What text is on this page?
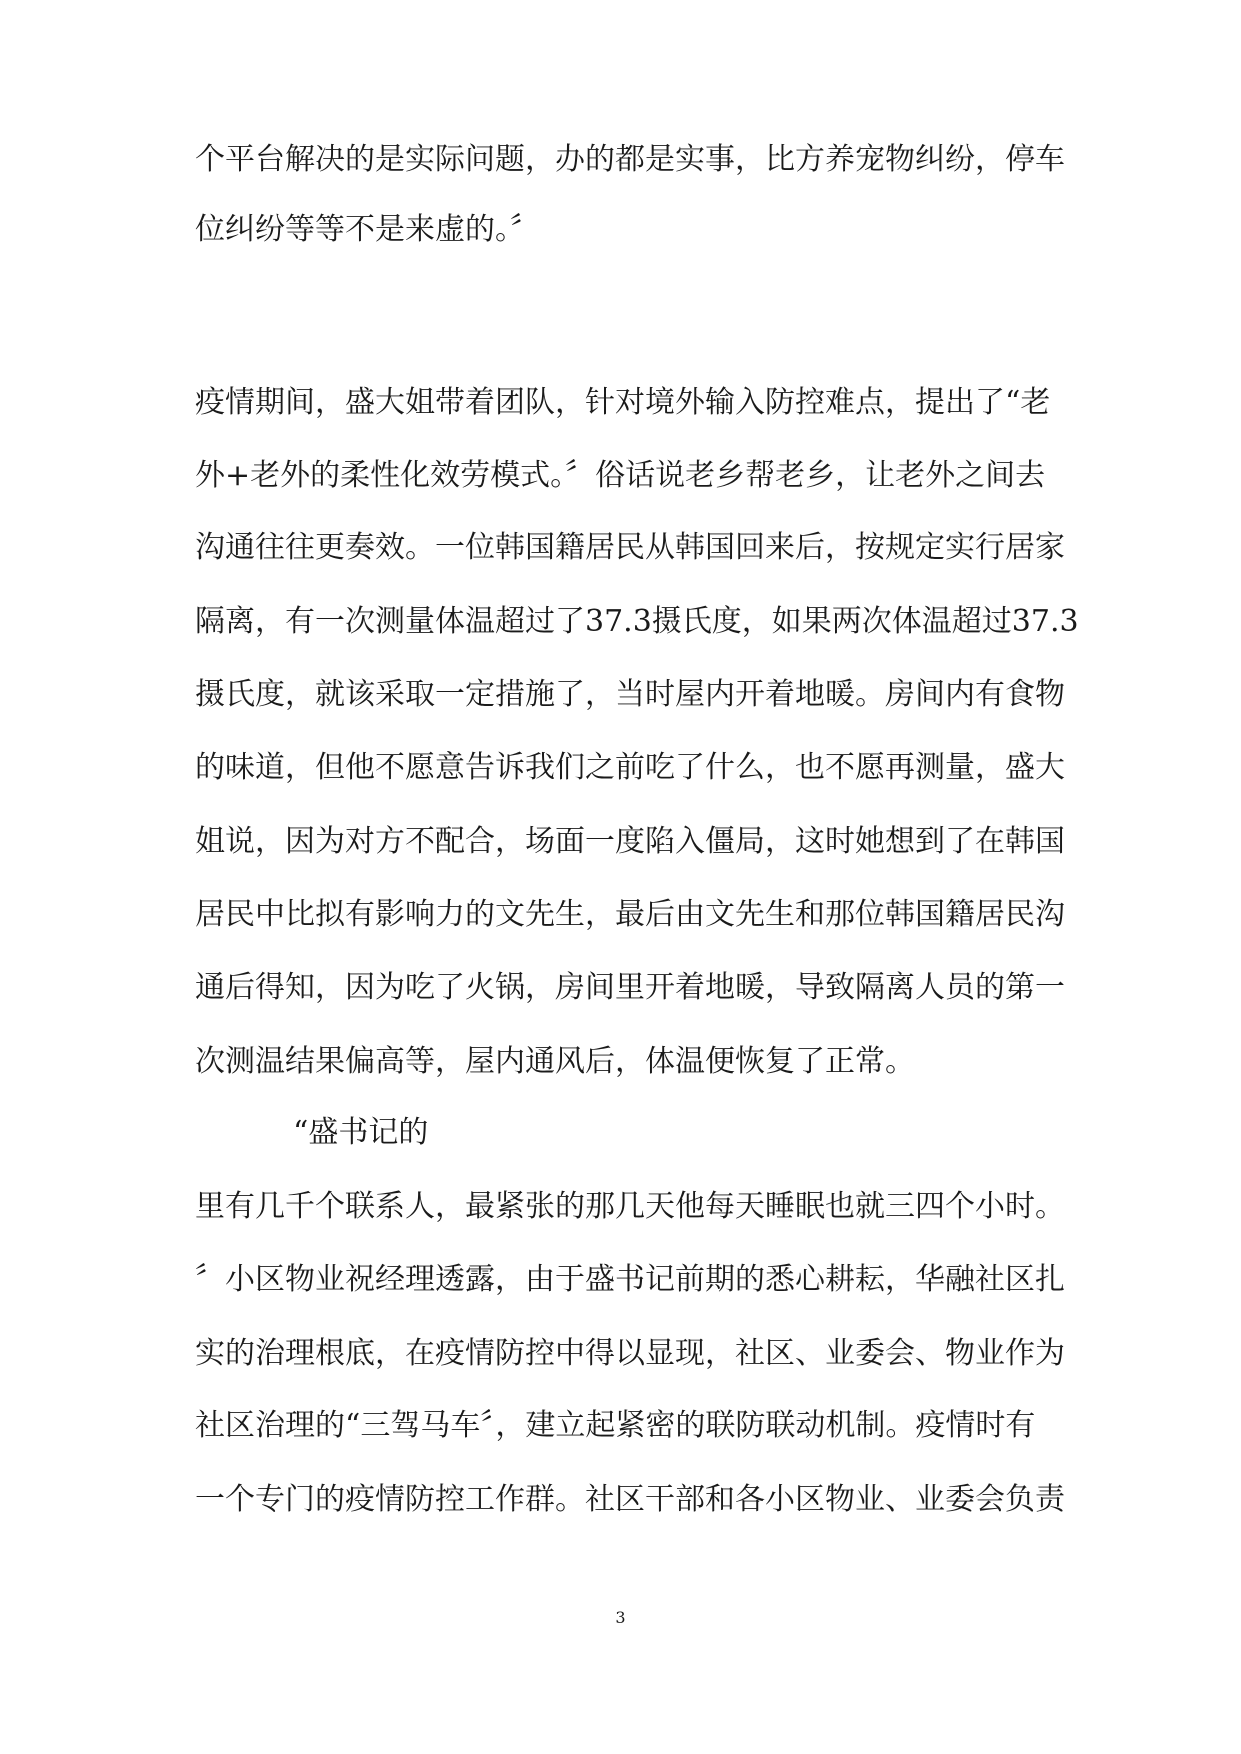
个平台解决的是实际问题，办的都是实事，比方养宠物纠纷，停车

位纠纷等等不是来虚的。〞

疫情期间，盛大姐带着团队，针对境外输入防控难点，提出了“老

外+老外的柔性化效劳模式。〞俗话说老乡帮老乡，让老外之间去

沟通往往更奏效。一位韩国籍居民从韩国回来后，按规定实行居家

隔离，有一次测量体温超过了37.3摄氏度，如果两次体温超过37.3

摄氏度，就该采取一定措施了，当时屋内开着地暖。房间内有食物

的味道，但他不愿意告诉我们之前吃了什么，也不愿再测量，盛大

姐说，因为对方不配合，场面一度陷入僵局，这时她想到了在韩国

居民中比拟有影响力的文先生，最后由文先生和那位韩国籍居民沟

通后得知，因为吃了火锅，房间里开着地暖，导致隔离人员的第一

次测温结果偏高等，屋内通风后，体温便恢复了正常。

“盛书记的

里有几千个联系人，最紧张的那几天他每天睡眠也就三四个小时。

〞小区物业祝经理透露，由于盛书记前期的悉心耕耘，华融社区扎

实的治理根底，在疫情防控中得以显现，社区、业委会、物业作为

社区治理的“三驾马车〞，建立起紧密的联防联动机制。疫情时有

一个专门的疫情防控工作群。社区干部和各小区物业、业委会负责

3
